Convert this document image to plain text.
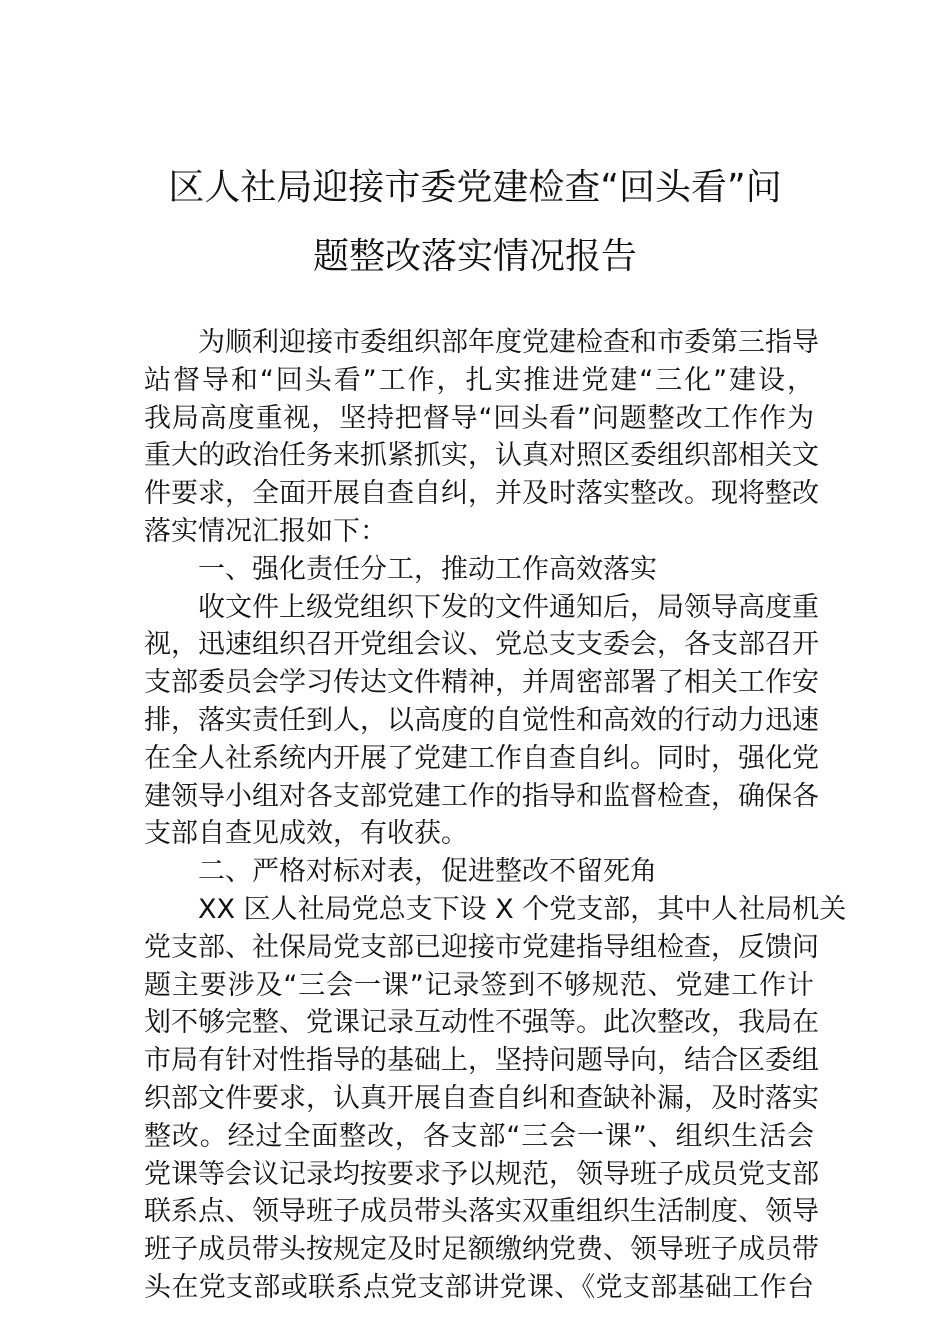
区人社局迎接市委党建检查“回头看”问
题整改落实情况报告
为顺利迎接市委组织部年度党建检查和市委第三指导
站督导和“回头看”工作，扎实推进党建“三化”建设，
我局高度重视，坚持把督导“回头看”问题整改工作作为
重大的政治任务来抓紧抓实，认真对照区委组织部相关文
件要求，全面开展自查自纠，并及时落实整改。现将整改
落实情况汇报如下：
一、强化责任分工，推动工作高效落实
收文件上级党组织下发的文件通知后，局领导高度重
视，迅速组织召开党组会议、党总支支委会，各支部召开
支部委员会学习传达文件精神，并周密部署了相关工作安
排，落实责任到人，以高度的自觉性和高效的行动力迅速
在全人社系统内开展了党建工作自查自纠。同时，强化党
建领导小组对各支部党建工作的指导和监督检查，确保各
支部自查见成效，有收获。
二、严格对标对表，促进整改不留死角
XX 区人社局党总支下设 X 个党支部，其中人社局机关
党支部、社保局党支部已迎接市党建指导组检查，反馈问
题主要涉及“三会一课”记录签到不够规范、党建工作计
划不够完整、党课记录互动性不强等。此次整改，我局在
市局有针对性指导的基础上，坚持问题导向，结合区委组
织部文件要求，认真开展自查自纠和查缺补漏，及时落实
整改。经过全面整改，各支部“三会一课”、组织生活会
党课等会议记录均按要求予以规范，领导班子成员党支部
联系点、领导班子成员带头落实双重组织生活制度、领导
班子成员带头按规定及时足额缴纳党费、领导班子成员带
头在党支部或联系点党支部讲党课、《党支部基础工作台
